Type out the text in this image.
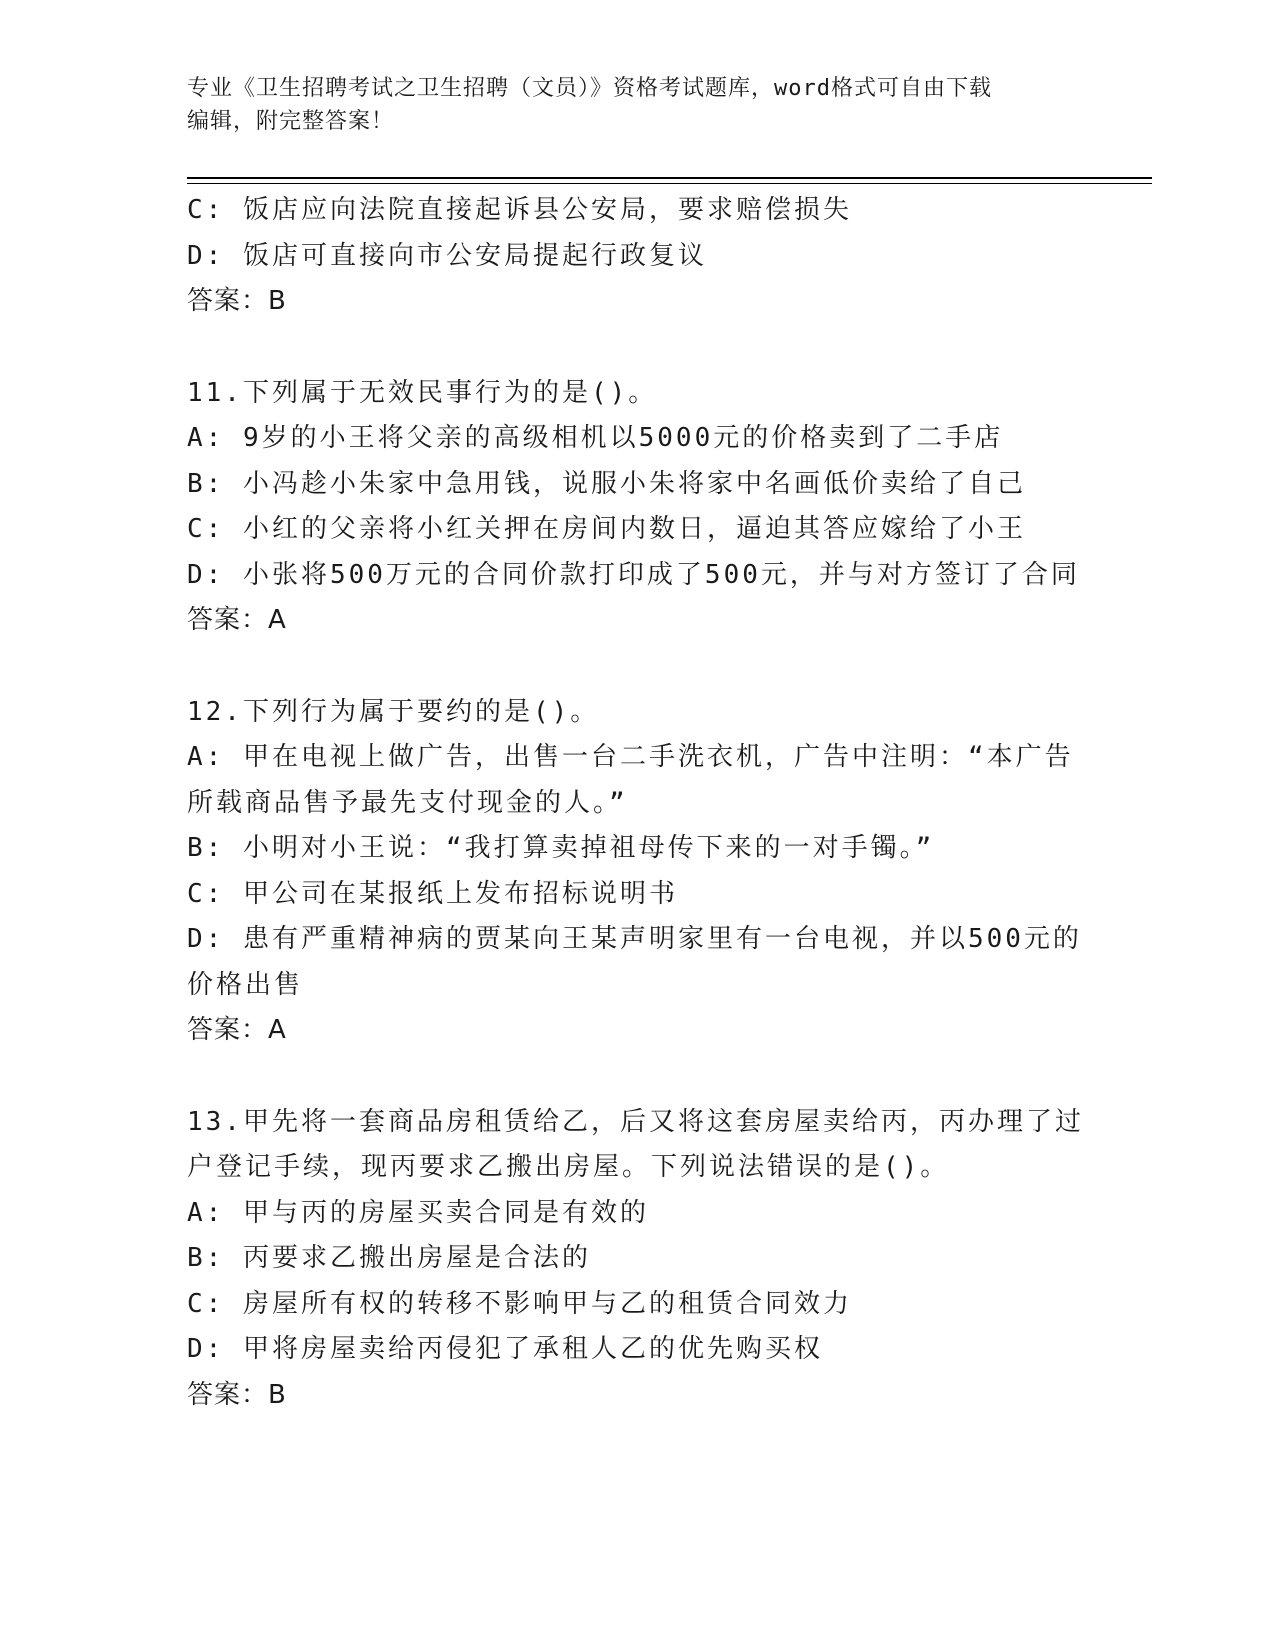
专业《卫生招聘考试之卫生招聘（文员）》资格考试题库，word格式可自由下载
编辑，附完整答案！
C: 饭店应向法院直接起诉县公安局，要求赔偿损失
D: 饭店可直接向市公安局提起行政复议
答案：B
11.下列属于无效民事行为的是()。
A: 9岁的小王将父亲的高级相机以5000元的价格卖到了二手店
B: 小冯趁小朱家中急用钱，说服小朱将家中名画低价卖给了自己
C: 小红的父亲将小红关押在房间内数日，逼迫其答应嫁给了小王
D: 小张将500万元的合同价款打印成了500元，并与对方签订了合同
答案：A
12.下列行为属于要约的是()。
A: 甲在电视上做广告，出售一台二手洗衣机，广告中注明：“本广告
所载商品售予最先支付现金的人。”
B: 小明对小王说：“我打算卖掉祖母传下来的一对手镯。”
C: 甲公司在某报纸上发布招标说明书
D: 患有严重精神病的贾某向王某声明家里有一台电视，并以500元的
价格出售
答案：A
13.甲先将一套商品房租赁给乙，后又将这套房屋卖给丙，丙办理了过
户登记手续，现丙要求乙搬出房屋。下列说法错误的是()。
A: 甲与丙的房屋买卖合同是有效的
B: 丙要求乙搬出房屋是合法的
C: 房屋所有权的转移不影响甲与乙的租赁合同效力
D: 甲将房屋卖给丙侵犯了承租人乙的优先购买权
答案：B
